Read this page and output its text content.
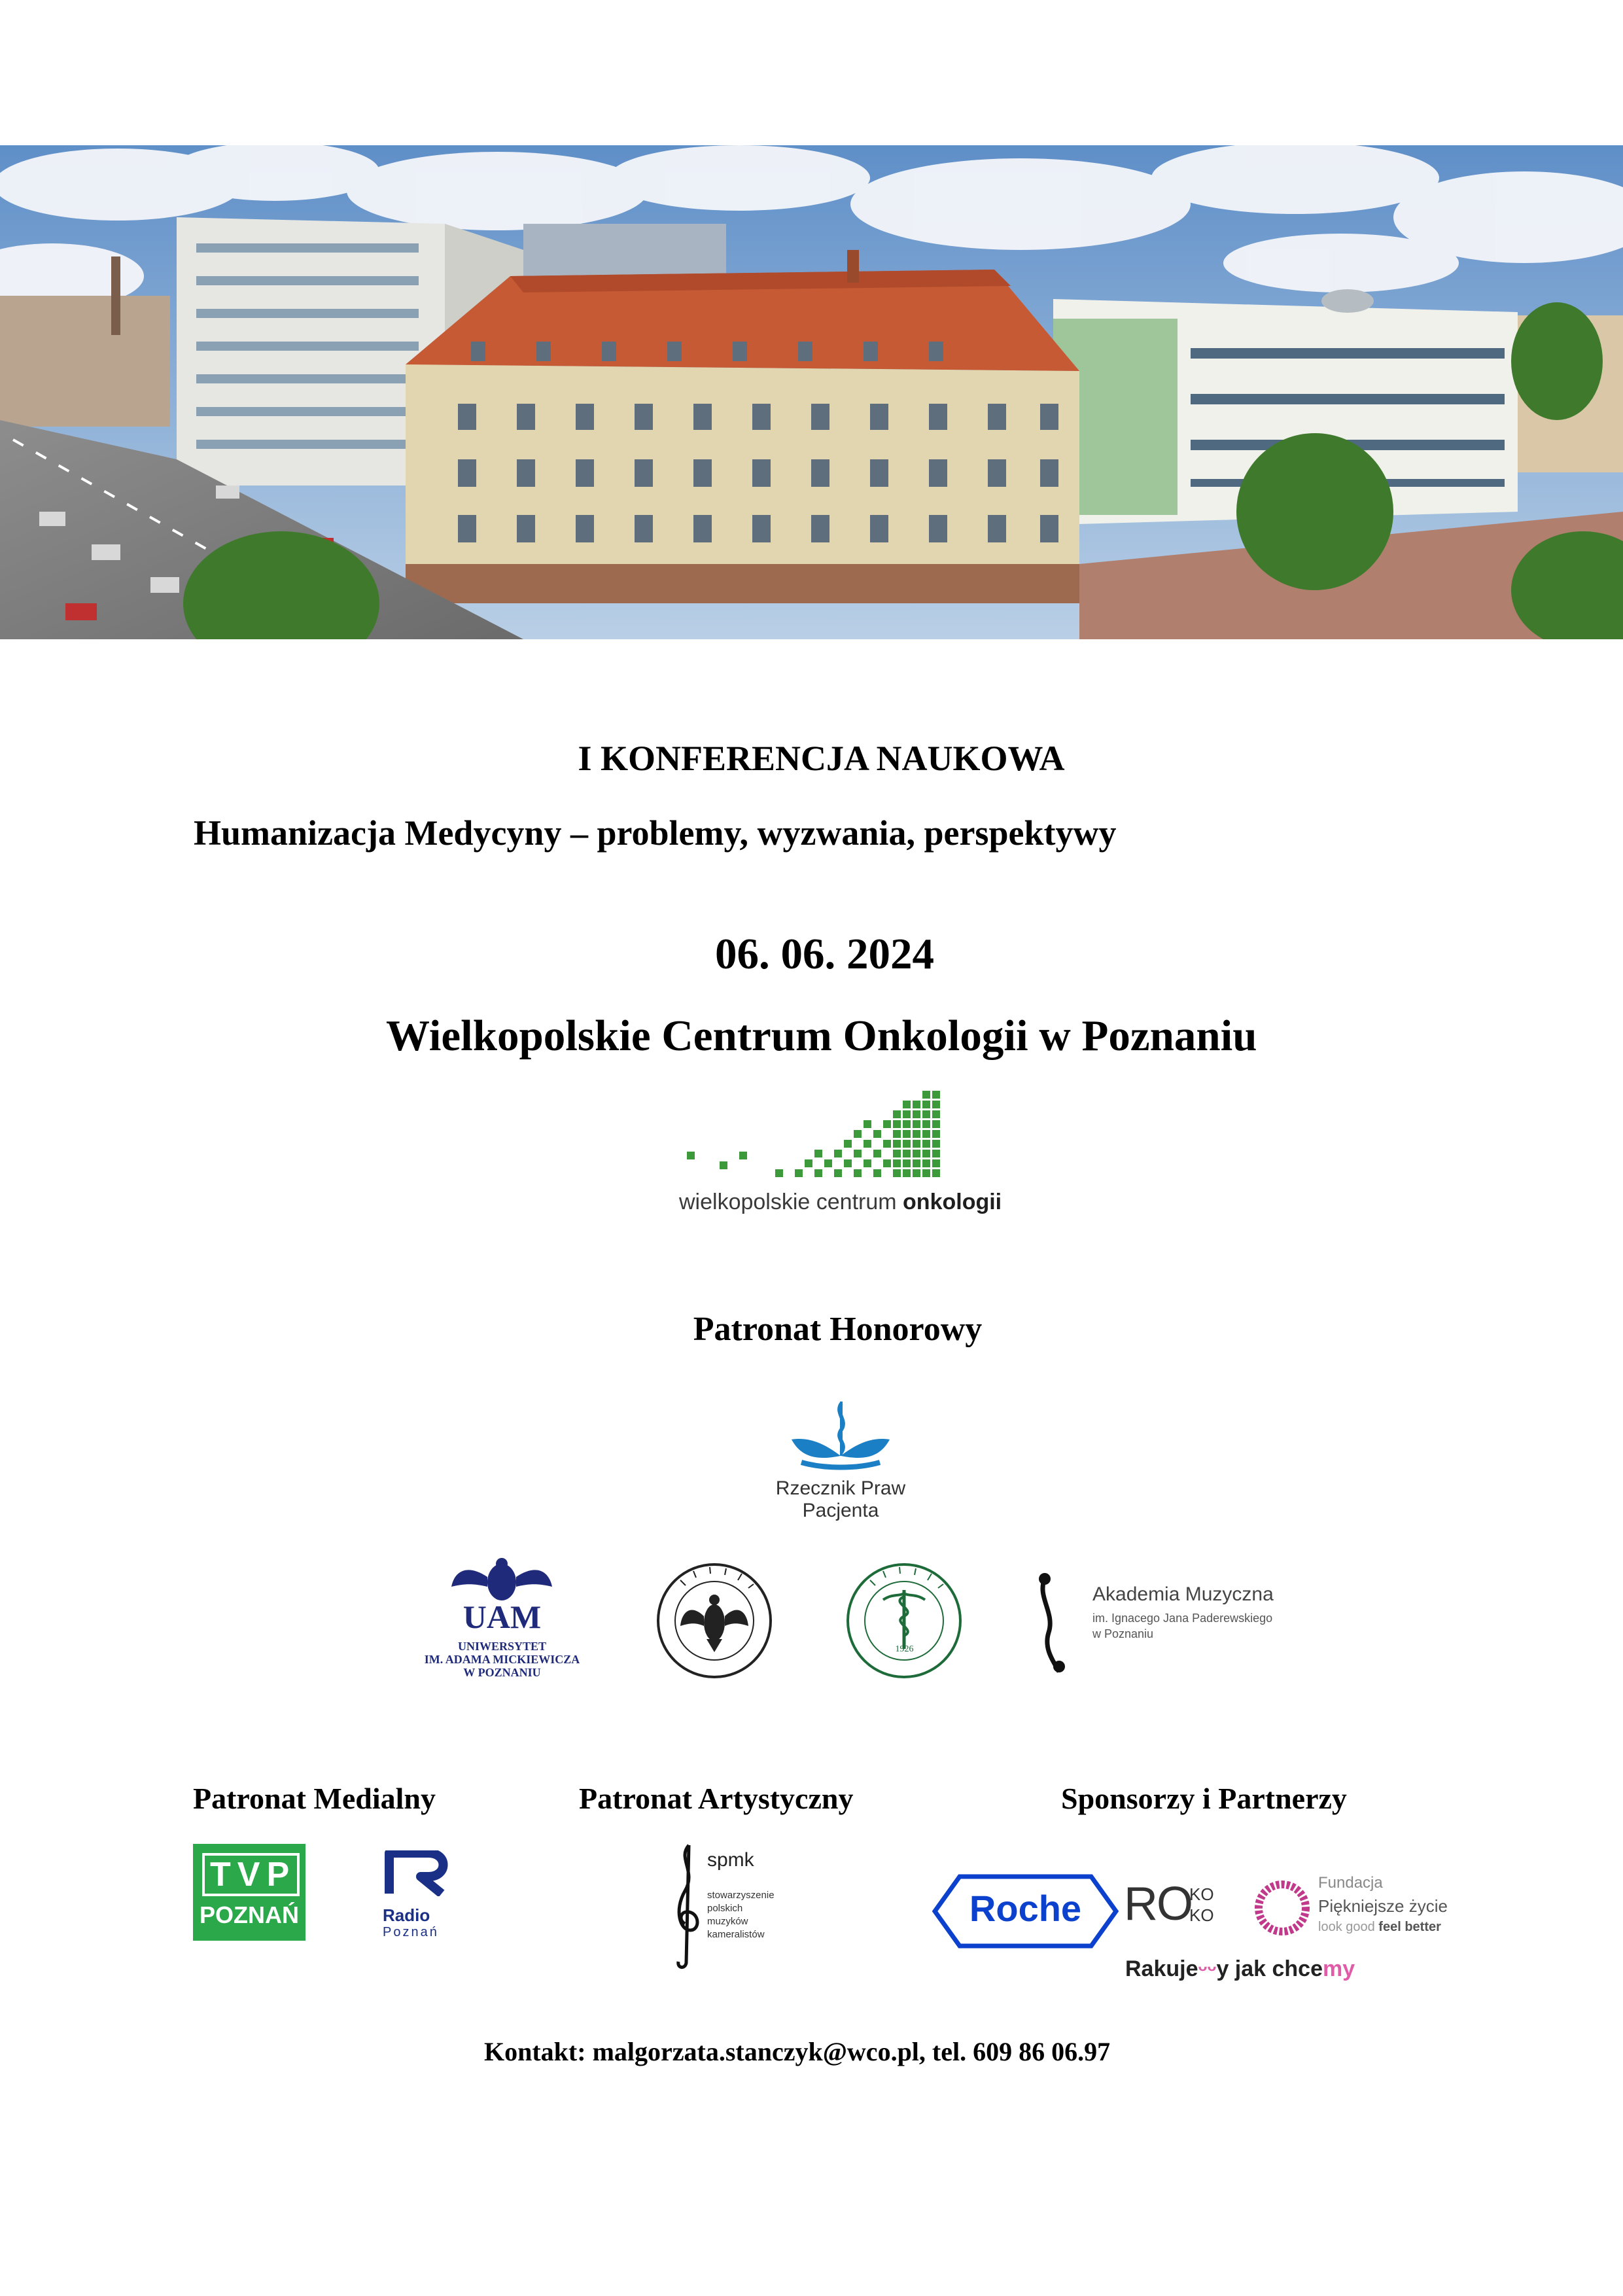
I KONFERENCJA NAUKOWA
Humanizacja Medycyny – problemy, wyzwania, perspektywy
06. 06. 2024
Wielkopolskie Centrum Onkologii w Poznaniu
wielkopolskie centrum onkologii
Patronat Honorowy
Rzecznik Praw Pacjenta
UAM
UNIWERSYTET
IM. ADAMA MICKIEWICZA
W POZNANIU
1926
Akademia Muzyczna
im. Ignacego Jana Paderewskiego
w Poznaniu
Patronat Medialny	Patronat Artystyczny	Sponsorzy i Partnerzy
TVP
POZNAŃ	Radio
Poznań
spmk
stowarzyszenie
polskich
muzyków
kameralistów
Roche RO
KO
KO
Fundacja
Piękniejsze życie
look good feel better
Rakujeᵕᵕy jak chcemy
Kontakt: malgorzata.stanczyk@wco.pl, tel. 609 86 06.97
